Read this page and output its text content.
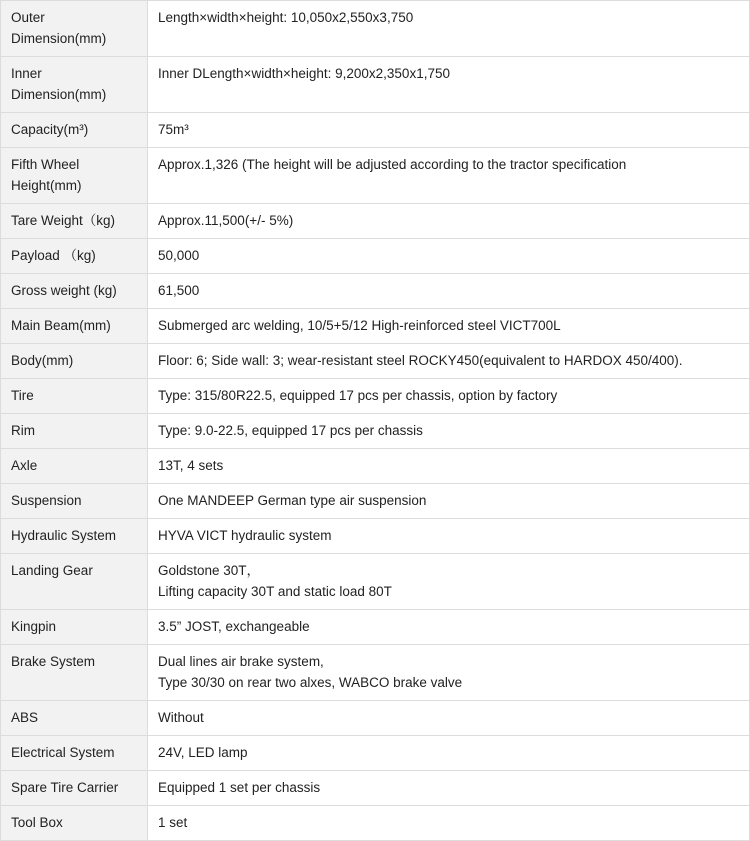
Outer
Dimension(mm)	Length×width×height: 10,050x2,550x3,750

Inner
Dimension(mm)	Inner DLength×width×height: 9,200x2,350x1,750

Capacity(m³)	75m³

Fifth Wheel
Height(mm)	Approx.1,326 (The height will be adjusted according to the tractor specification

Tare Weight（kg)	Approx.11,500(+/- 5%)

Payload （kg)	50,000

Gross weight (kg)	61,500

Main Beam(mm)	Submerged arc welding, 10/5+5/12 High-reinforced steel VICT700L

Body(mm)	Floor: 6; Side wall: 3; wear-resistant steel ROCKY450(equivalent to HARDOX 450/400).

Tire	Type: 315/80R22.5, equipped 17 pcs per chassis, option by factory

Rim	Type: 9.0-22.5, equipped 17 pcs per chassis

Axle	13T, 4 sets

Suspension	One MANDEEP German type air suspension

Hydraulic System	HYVA VICT hydraulic system

Landing Gear	Goldstone 30T，
Lifting capacity 30T and static load 80T

Kingpin	3.5” JOST, exchangeable

Brake System	Dual lines air brake system,
Type 30/30 on rear two alxes, WABCO brake valve

ABS	Without

Electrical System	24V, LED lamp

Spare Tire Carrier	Equipped 1 set per chassis

Tool Box	1 set
